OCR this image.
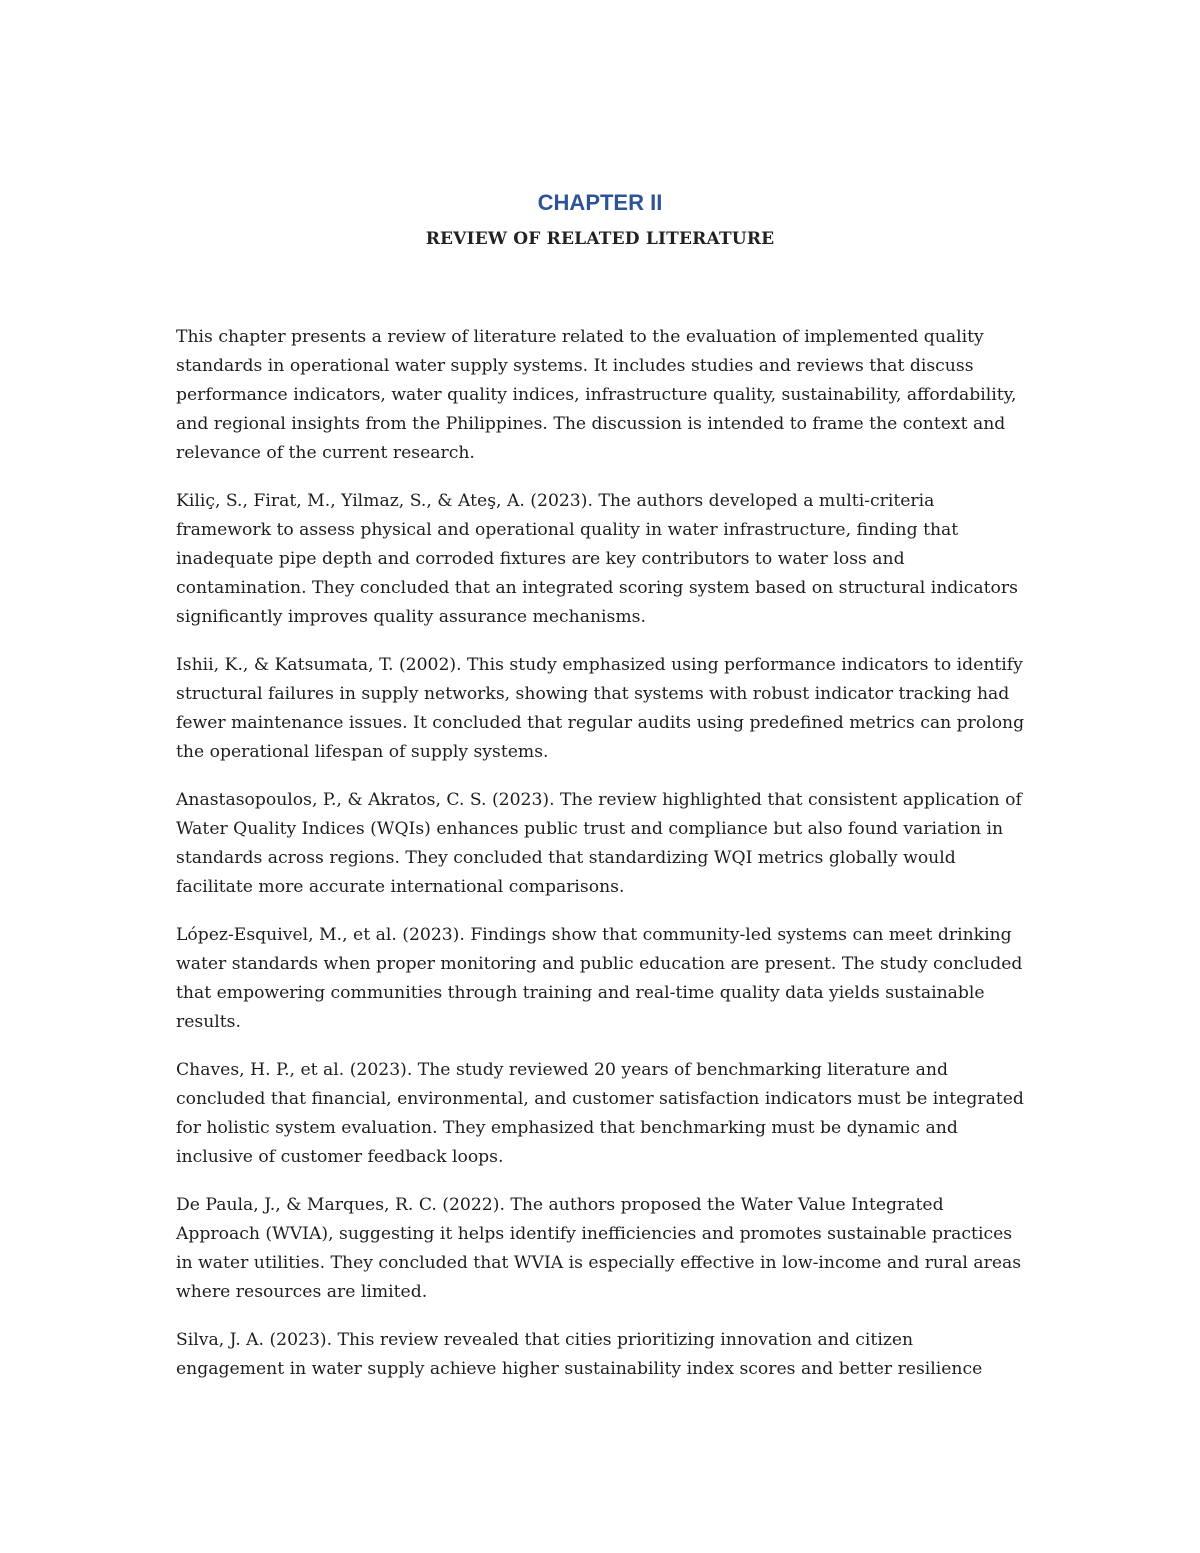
CHAPTER II
REVIEW OF RELATED LITERATURE

This chapter presents a review of literature related to the evaluation of implemented quality standards in operational water supply systems. It includes studies and reviews that discuss performance indicators, water quality indices, infrastructure quality, sustainability, affordability, and regional insights from the Philippines. The discussion is intended to frame the context and relevance of the current research.

Kiliç, S., Firat, M., Yilmaz, S., & Ateş, A. (2023). The authors developed a multi-criteria framework to assess physical and operational quality in water infrastructure, finding that inadequate pipe depth and corroded fixtures are key contributors to water loss and contamination. They concluded that an integrated scoring system based on structural indicators significantly improves quality assurance mechanisms.

Ishii, K., & Katsumata, T. (2002). This study emphasized using performance indicators to identify structural failures in supply networks, showing that systems with robust indicator tracking had fewer maintenance issues. It concluded that regular audits using predefined metrics can prolong the operational lifespan of supply systems.

Anastasopoulos, P., & Akratos, C. S. (2023). The review highlighted that consistent application of Water Quality Indices (WQIs) enhances public trust and compliance but also found variation in standards across regions. They concluded that standardizing WQI metrics globally would facilitate more accurate international comparisons.

López-Esquivel, M., et al. (2023). Findings show that community-led systems can meet drinking water standards when proper monitoring and public education are present. The study concluded that empowering communities through training and real-time quality data yields sustainable results.

Chaves, H. P., et al. (2023). The study reviewed 20 years of benchmarking literature and concluded that financial, environmental, and customer satisfaction indicators must be integrated for holistic system evaluation. They emphasized that benchmarking must be dynamic and inclusive of customer feedback loops.

De Paula, J., & Marques, R. C. (2022). The authors proposed the Water Value Integrated Approach (WVIA), suggesting it helps identify inefficiencies and promotes sustainable practices in water utilities. They concluded that WVIA is especially effective in low-income and rural areas where resources are limited.

Silva, J. A. (2023). This review revealed that cities prioritizing innovation and citizen engagement in water supply achieve higher sustainability index scores and better resilience
